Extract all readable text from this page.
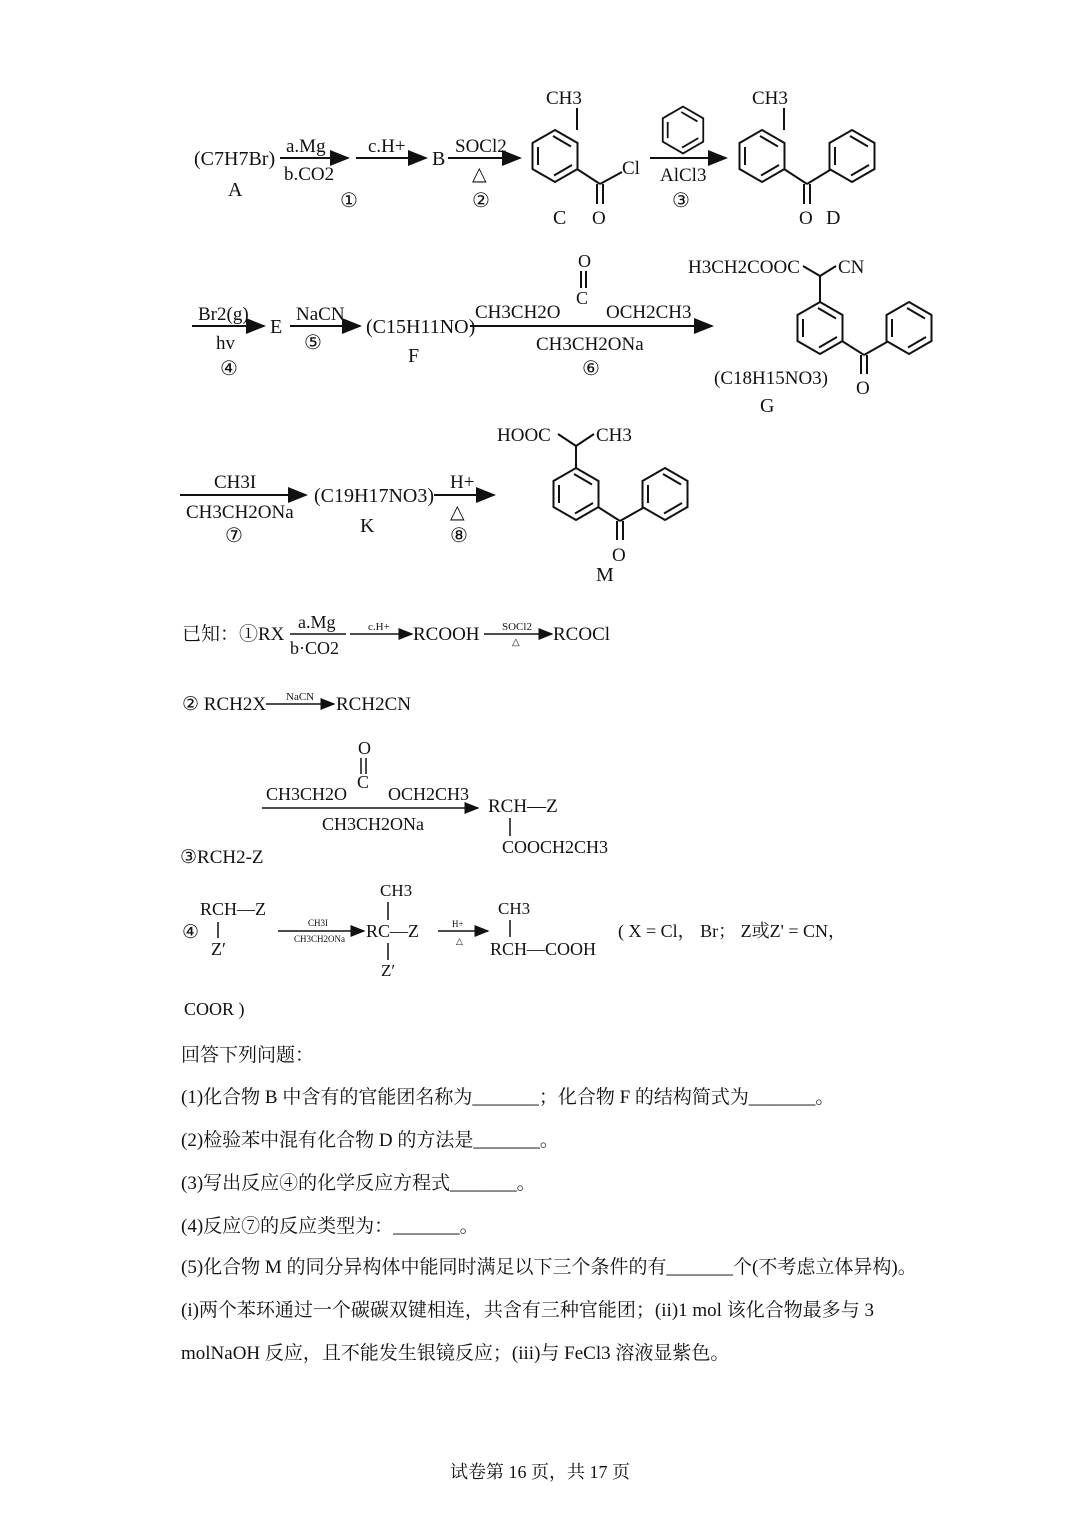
(C7H7Br)
A
a.Mg
b.CO2
①
c.H+
B
SOCl2
△
②
CH3
Cl
O
C
AlCl3
③
CH3
O D
Br2(g)
hv
④
E
NaCN
⑤
(C15H11NO)
F
O
C
CH3CH2O OCH2CH3
CH3CH2ONa
⑥
H3CH2COOC CN
O
(C18H15NO3)
G
CH3I
CH3CH2ONa
⑦
(C19H17NO3)
K
H+
△
⑧
HOOC CH3
O
M
已知：①RX
a.Mg
b·CO2
c.H+ RCOOH SOCl2
△ RCOCl
② RCH2X NaCN RCH2CN
O
C
CH3CH2O OCH2CH3
CH3CH2ONa
RCH—Z
COOCH2CH3
③RCH2-Z
④
RCH—Z
Z′
CH3I
CH3CH2ONa
CH3
RC—Z
Z′
H+
△
CH3
RCH—COOH
( X = Cl， Br； Z或Z' = CN，
COOR )
回答下列问题：
(1)化合物 B 中含有的官能团名称为_______；化合物 F 的结构简式为_______。
(2)检验苯中混有化合物 D 的方法是_______。
(3)写出反应④的化学反应方程式_______。
(4)反应⑦的反应类型为：_______。
(5)化合物 M 的同分异构体中能同时满足以下三个条件的有_______个(不考虑立体异构)。
(i)两个苯环通过一个碳碳双键相连，共含有三种官能团；(ii)1 mol 该化合物最多与 3
molNaOH 反应，且不能发生银镜反应；(iii)与 FeCl3 溶液显紫色。
试卷第 16 页，共 17 页
